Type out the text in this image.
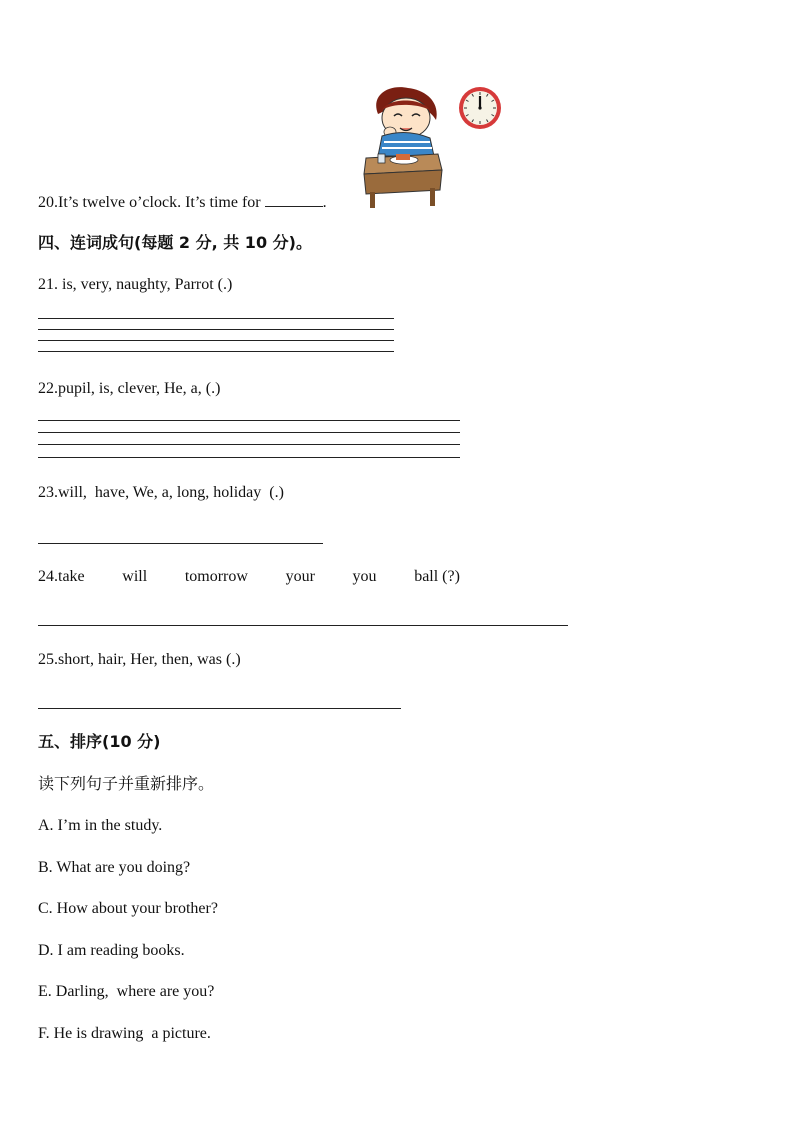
20.It’s twelve o’clock. It’s time for	.
四、连词成句(每题 2 分, 共 10 分)。
21. is, very, naughty, Parrot (.)
22.pupil, is, clever, He, a, (.)
23.will,  have, We, a, long, holiday  (.)
24.take will tomorrow your you ball (?)
25.short, hair, Her, then, was (.)
五、排序(10 分)
读下列句子并重新排序。
A. I’m in the study.
B. What are you doing?
C. How about your brother?
D. I am reading books.
E. Darling,  where are you?
F. He is drawing  a picture.
